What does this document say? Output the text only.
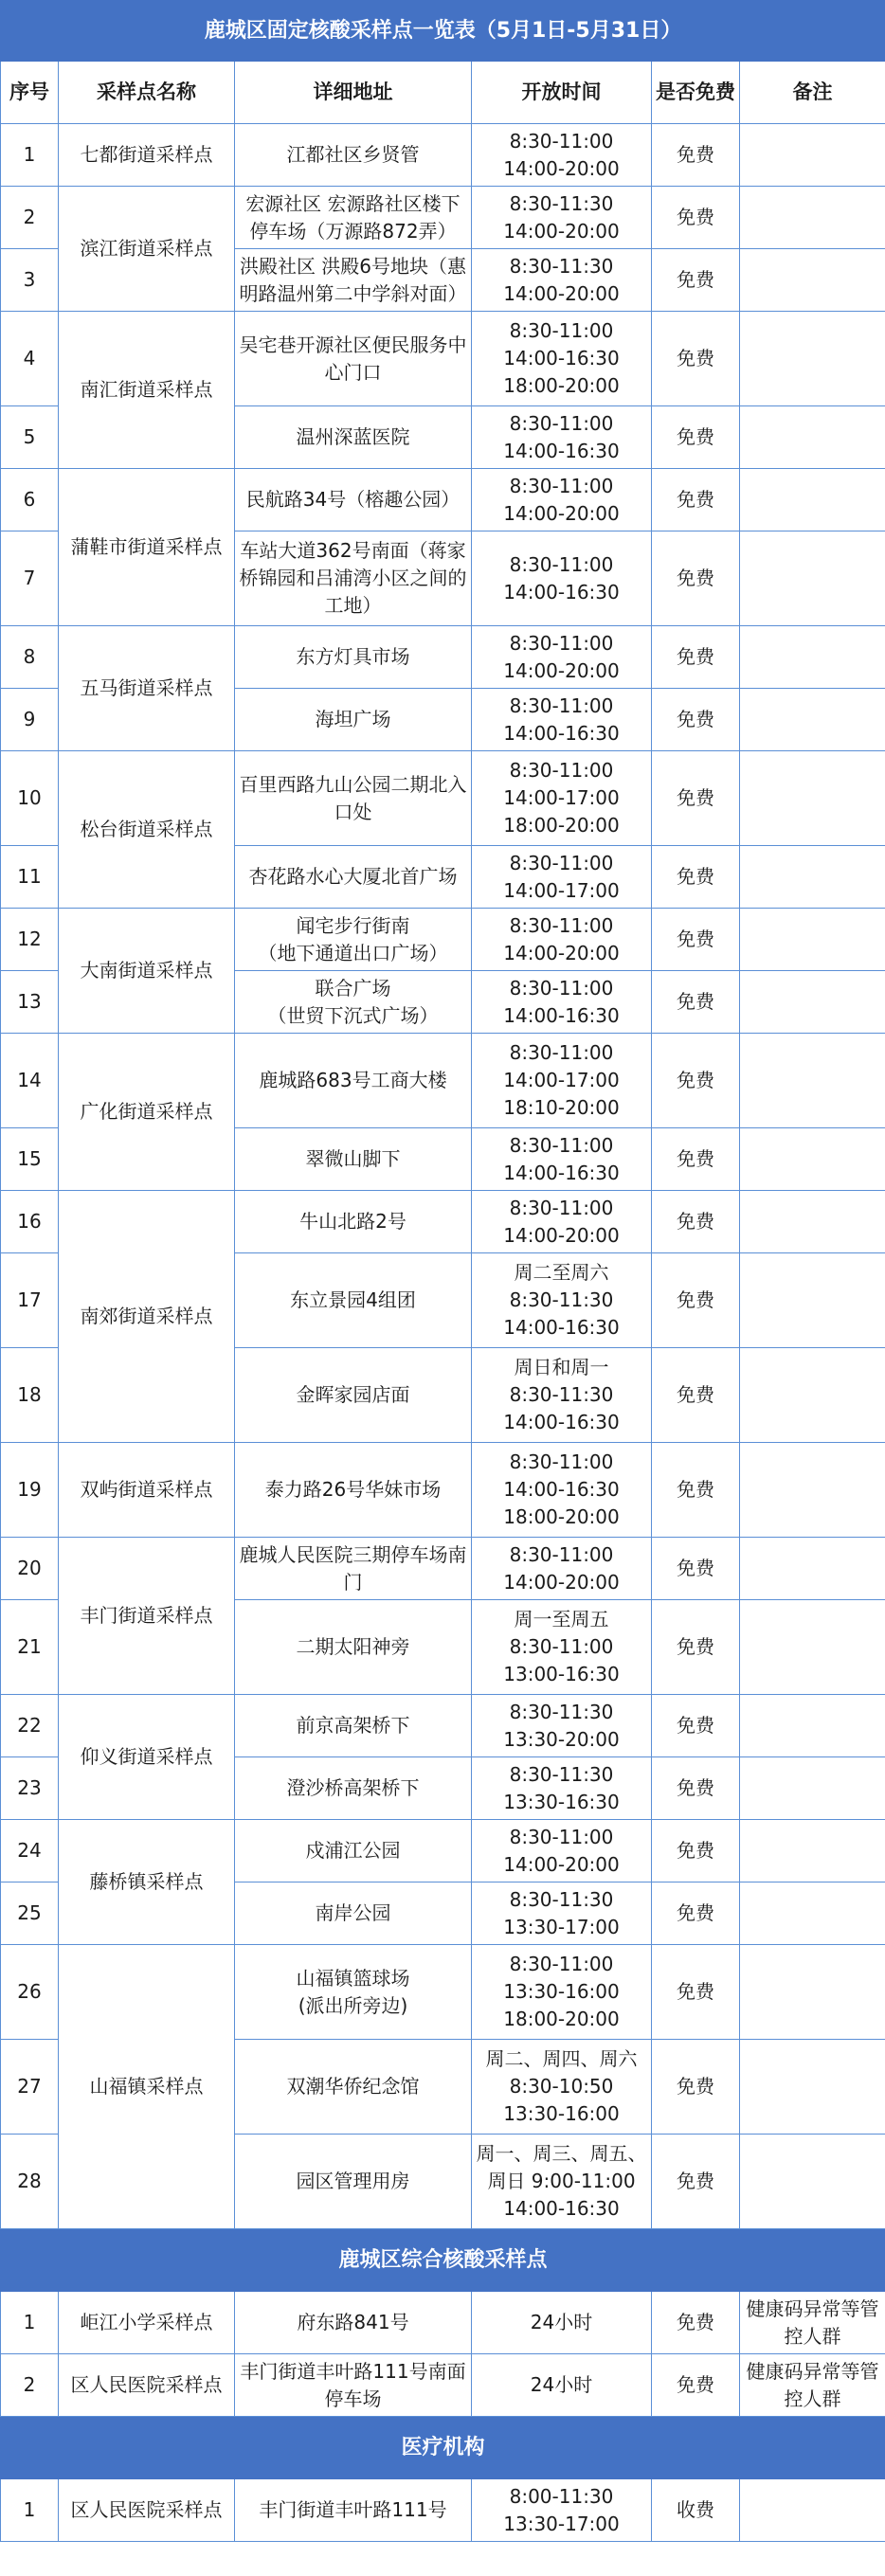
鹿城区固定核酸采样点一览表（5月1日-5月31日）					
序号	采样点名称	详细地址	开放时间	是否免费	备注

1	七都街道采样点	江都社区乡贤管	8:30-11:00
14:00-20:00	免费	

2	滨江街道采样点	宏源社区 宏源路社区楼下
停车场（万源路872弄）	8:30-11:30
14:00-20:00	免费	

3		洪殿社区 洪殿6号地块（惠
明路温州第二中学斜对面）	8:30-11:30
14:00-20:00	免费	

4	南汇街道采样点	吴宅巷开源社区便民服务中
心门口	8:30-11:00
14:00-16:30
18:00-20:00	免费	

5		温州深蓝医院	8:30-11:00
14:00-16:30	免费	

6	蒲鞋市街道采样点	民航路34号（榕趣公园）	8:30-11:00
14:00-20:00	免费	

7		车站大道362号南面（蒋家
桥锦园和吕浦湾小区之间的
工地）	8:30-11:00
14:00-16:30	免费	

8	五马街道采样点	东方灯具市场	8:30-11:00
14:00-20:00	免费	

9		海坦广场	8:30-11:00
14:00-16:30	免费	

10	松台街道采样点	百里西路九山公园二期北入
口处	8:30-11:00
14:00-17:00
18:00-20:00	免费	

11		杏花路水心大厦北首广场	8:30-11:00
14:00-17:00	免费	

12	大南街道采样点	闻宅步行街南
（地下通道出口广场）	8:30-11:00
14:00-20:00	免费	

13		联合广场
（世贸下沉式广场）	8:30-11:00
14:00-16:30	免费	

14	广化街道采样点	鹿城路683号工商大楼	8:30-11:00
14:00-17:00
18:10-20:00	免费	

15		翠微山脚下	8:30-11:00
14:00-16:30	免费	

16	南郊街道采样点	牛山北路2号	8:30-11:00
14:00-20:00	免费	

17		东立景园4组团	周二至周六
8:30-11:30
14:00-16:30	免费	

18		金晖家园店面	周日和周一
8:30-11:30
14:00-16:30	免费	

19	双屿街道采样点	泰力路26号华妹市场	8:30-11:00
14:00-16:30
18:00-20:00	免费	

20	丰门街道采样点	鹿城人民医院三期停车场南
门	8:30-11:00
14:00-20:00	免费	

21		二期太阳神旁	周一至周五
8:30-11:00
13:00-16:30	免费	

22	仰义街道采样点	前京高架桥下	8:30-11:30
13:30-20:00	免费	

23		澄沙桥高架桥下	8:30-11:30
13:30-16:30	免费	

24	藤桥镇采样点	戍浦江公园	8:30-11:00
14:00-20:00	免费	

25		南岸公园	8:30-11:30
13:30-17:00	免费	

26	山福镇采样点	山福镇篮球场
(派出所旁边)	8:30-11:00
13:30-16:00
18:00-20:00	免费	

27		双潮华侨纪念馆	周二、周四、周六
8:30-10:50
13:30-16:00	免费	

28		园区管理用房	周一、周三、周五、
周日 9:00-11:00
14:00-16:30	免费	

鹿城区综合核酸采样点					

1	岠江小学采样点	府东路841号	24小时	免费	健康码异常等管
控人群

2	区人民医院采样点	丰门街道丰叶路111号南面
停车场	24小时	免费	健康码异常等管
控人群

医疗机构					

1	区人民医院采样点	丰门街道丰叶路111号	8:00-11:30
13:30-17:00	收费	
